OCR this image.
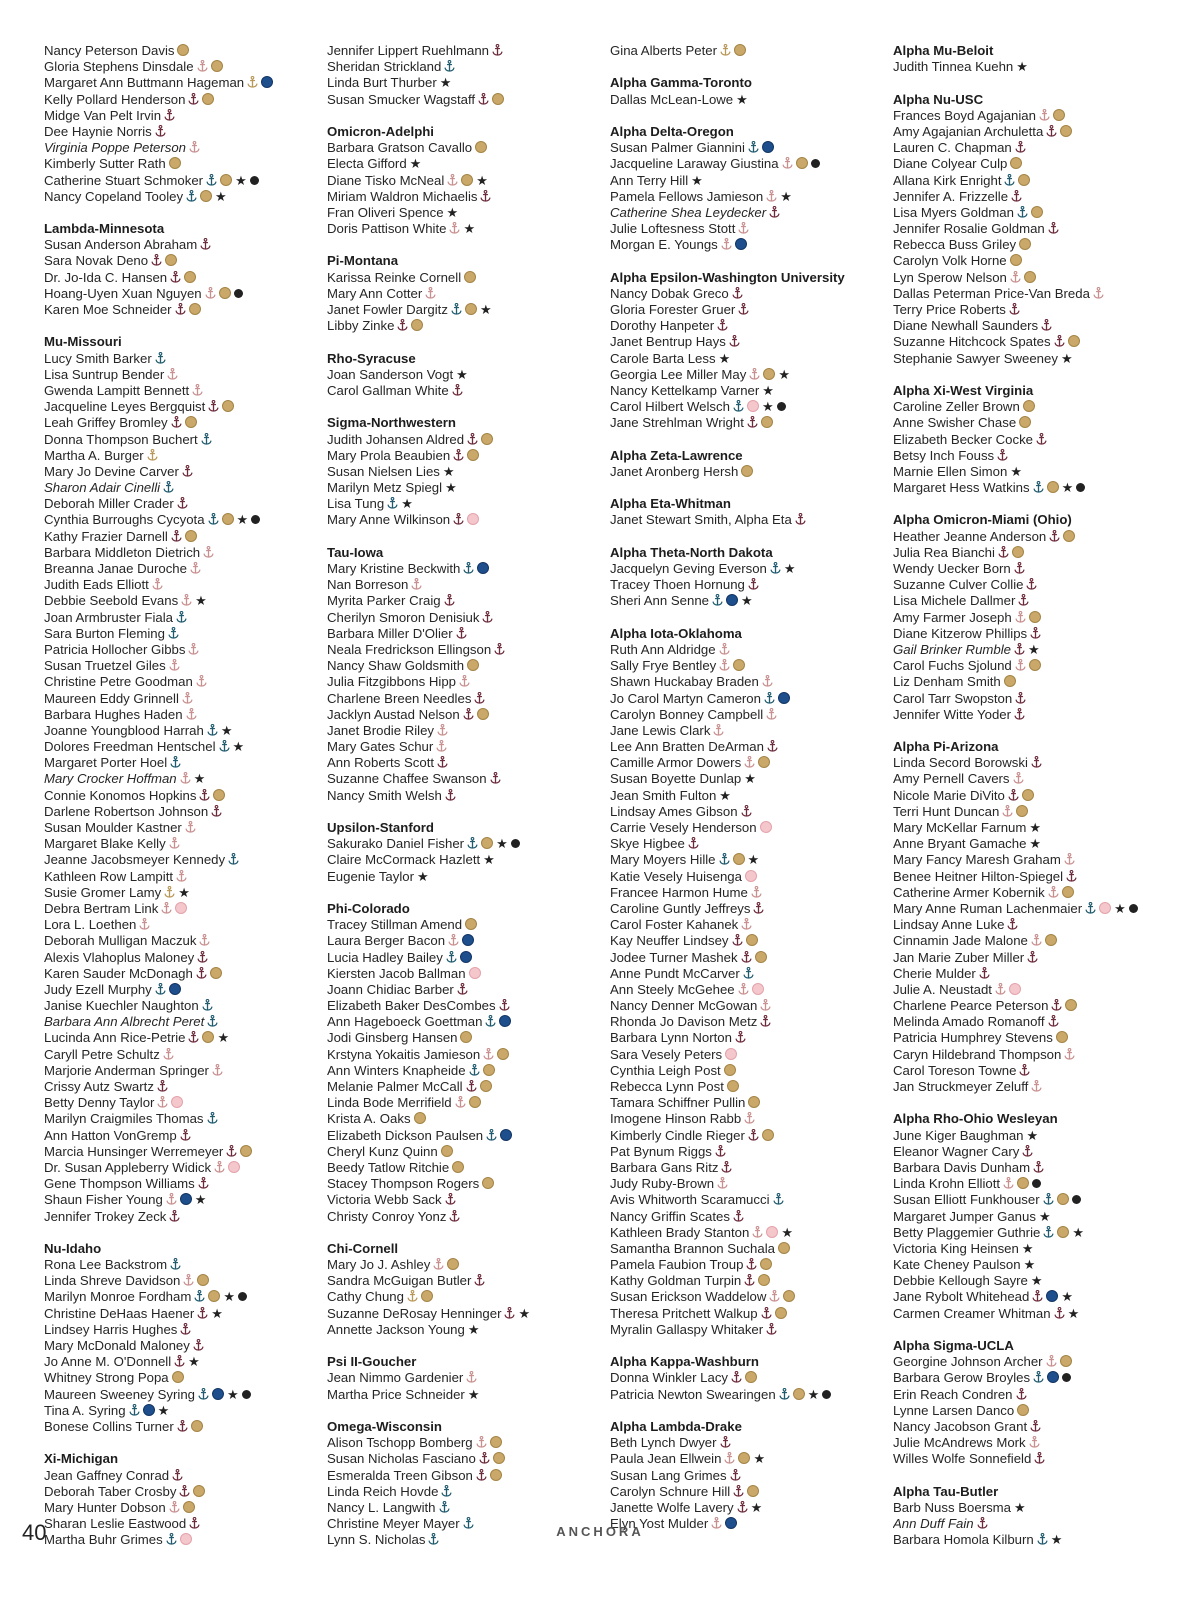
Nancy Peterson Davis
Gloria Stephens Dinsdale
Margaret Ann Buttmann Hageman
Kelly Pollard Henderson
Midge Van Pelt Irvin
Dee Haynie Norris
Virginia Poppe Peterson
Kimberly Sutter Rath
Catherine Stuart Schmoker ★
Nancy Copeland Tooley ★
Lambda-Minnesota
Susan Anderson Abraham
Sara Novak Deno
Dr. Jo-Ida C. Hansen
Hoang-Uyen Xuan Nguyen
Karen Moe Schneider
Mu-Missouri
Lucy Smith Barker
Lisa Suntrup Bender
Gwenda Lampitt Bennett
Jacqueline Leyes Bergquist
Leah Griffey Bromley
Donna Thompson Buchert
Martha A. Burger
Mary Jo Devine Carver
Sharon Adair Cinelli
Deborah Miller Crader
Cynthia Burroughs Cycyota ★
Kathy Frazier Darnell
Barbara Middleton Dietrich
Breanna Janae Duroche
Judith Eads Elliott
Debbie Seebold Evans ★
Joan Armbruster Fiala
Sara Burton Fleming
Patricia Hollocher Gibbs
Susan Truetzel Giles
Christine Petre Goodman
Maureen Eddy Grinnell
Barbara Hughes Haden
Joanne Youngblood Harrah ★
Dolores Freedman Hentschel ★
Margaret Porter Hoel
Mary Crocker Hoffman ★
Connie Konomos Hopkins
Darlene Robertson Johnson
Susan Moulder Kastner
Margaret Blake Kelly
Jeanne Jacobsmeyer Kennedy
Kathleen Row Lampitt
Susie Gromer Lamy ★
Debra Bertram Link
Lora L. Loethen
Deborah Mulligan Maczuk
Alexis Vlahoplus Maloney
Karen Sauder McDonagh
Judy Ezell Murphy
Janise Kuechler Naughton
Barbara Ann Albrecht Peret
Lucinda Ann Rice-Petrie ★
Caryll Petre Schultz
Marjorie Anderman Springer
Crissy Autz Swartz
Betty Denny Taylor
Marilyn Craigmiles Thomas
Ann Hatton VonGremp
Marcia Hunsinger Werremeyer
Dr. Susan Appleberry Widick
Gene Thompson Williams
Shaun Fisher Young ★
Jennifer Trokey Zeck
Nu-Idaho
Rona Lee Backstrom
Linda Shreve Davidson
Marilyn Monroe Fordham ★
Christine DeHaas Haener ★
Lindsey Harris Hughes
Mary McDonald Maloney
Jo Anne M. O'Donnell ★
Whitney Strong Popa
Maureen Sweeney Syring ★
Tina A. Syring ★
Bonese Collins Turner
Xi-Michigan
Jean Gaffney Conrad
Deborah Taber Crosby
Mary Hunter Dobson
Sharan Leslie Eastwood
Martha Buhr Grimes
Jennifer Lippert Ruehlmann
Sheridan Strickland
Linda Burt Thurber ★
Susan Smucker Wagstaff
Omicron-Adelphi
Barbara Gratson Cavallo
Electa Gifford ★
Diane Tisko McNeal ★
Miriam Waldron Michaelis
Fran Oliveri Spence ★
Doris Pattison White ★
Pi-Montana
Karissa Reinke Cornell
Mary Ann Cotter
Janet Fowler Dargitz ★
Libby Zinke
Rho-Syracuse
Joan Sanderson Vogt ★
Carol Gallman White
Sigma-Northwestern
Judith Johansen Aldred
Mary Prola Beaubien
Susan Nielsen Lies ★
Marilyn Metz Spiegl ★
Lisa Tung ★
Mary Anne Wilkinson
Tau-Iowa
Mary Kristine Beckwith
Nan Borreson
Myrita Parker Craig
Cherilyn Smoron Denisiuk
Barbara Miller D'Olier
Neala Fredrickson Ellingson
Nancy Shaw Goldsmith
Julia Fitzgibbons Hipp
Charlene Breen Needles
Jacklyn Austad Nelson
Janet Brodie Riley
Mary Gates Schur
Ann Roberts Scott
Suzanne Chaffee Swanson
Nancy Smith Welsh
Upsilon-Stanford
Sakurako Daniel Fisher ★
Claire McCormack Hazlett ★
Eugenie Taylor ★
Phi-Colorado
Tracey Stillman Amend
Laura Berger Bacon
Lucia Hadley Bailey
Kiersten Jacob Ballman
Joann Chidiac Barber
Elizabeth Baker DesCombes
Ann Hageboeck Goettman
Jodi Ginsberg Hansen
Krstyna Yokaitis Jamieson
Ann Winters Knapheide
Melanie Palmer McCall
Linda Bode Merrifield
Krista A. Oaks
Elizabeth Dickson Paulsen
Cheryl Kunz Quinn
Beedy Tatlow Ritchie
Stacey Thompson Rogers
Victoria Webb Sack
Christy Conroy Yonz
Chi-Cornell
Mary Jo J. Ashley
Sandra McGuigan Butler
Cathy Chung
Suzanne DeRosay Henninger ★
Annette Jackson Young ★
Psi II-Goucher
Jean Nimmo Gardenier
Martha Price Schneider ★
Omega-Wisconsin
Alison Tschopp Bomberg
Susan Nicholas Fasciano
Esmeralda Treen Gibson
Linda Reich Hovde
Nancy L. Langwith
Christine Meyer Mayer
Lynn S. Nicholas
Gina Alberts Peter
Alpha Gamma-Toronto
Dallas McLean-Lowe ★
Alpha Delta-Oregon
Susan Palmer Giannini
Jacqueline Laraway Giustina
Ann Terry Hill ★
Pamela Fellows Jamieson ★
Catherine Shea Leydecker
Julie Loftesness Stott
Morgan E. Youngs
Alpha Epsilon-Washington University
Nancy Dobak Greco
Gloria Forester Gruer
Dorothy Hanpeter
Janet Bentrup Hays
Carole Barta Less ★
Georgia Lee Miller May ★
Nancy Kettelkamp Varner ★
Carol Hilbert Welsch ★
Jane Strehlman Wright
Alpha Zeta-Lawrence
Janet Aronberg Hersh
Alpha Eta-Whitman
Janet Stewart Smith, Alpha Eta
Alpha Theta-North Dakota
Jacquelyn Geving Everson ★
Tracey Thoen Hornung
Sheri Ann Senne ★
Alpha Iota-Oklahoma
Ruth Ann Aldridge
Sally Frye Bentley
Shawn Huckabay Braden
Jo Carol Martyn Cameron
Carolyn Bonney Campbell
Jane Lewis Clark
Lee Ann Bratten DeArman
Camille Armor Dowers
Susan Boyette Dunlap ★
Jean Smith Fulton ★
Lindsay Ames Gibson
Carrie Vesely Henderson
Skye Higbee
Mary Moyers Hille ★
Katie Vesely Huisenga
Francee Harmon Hume
Caroline Guntly Jeffreys
Carol Foster Kahanek
Kay Neuffer Lindsey
Jodee Turner Mashek
Anne Pundt McCarver
Ann Steely McGehee
Nancy Denner McGowan
Rhonda Jo Davison Metz
Barbara Lynn Norton
Sara Vesely Peters
Cynthia Leigh Post
Rebecca Lynn Post
Tamara Schiffner Pullin
Imogene Hinson Rabb
Kimberly Cindle Rieger
Pat Bynum Riggs
Barbara Gans Ritz
Judy Ruby-Brown
Avis Whitworth Scaramucci
Nancy Griffin Scates
Kathleen Brady Stanton ★
Samantha Brannon Suchala
Pamela Faubion Troup
Kathy Goldman Turpin
Susan Erickson Waddelow
Theresa Pritchett Walkup
Myralin Gallaspy Whitaker
Alpha Kappa-Washburn
Donna Winkler Lacy
Patricia Newton Swearingen ★
Alpha Lambda-Drake
Beth Lynch Dwyer
Paula Jean Ellwein ★
Susan Lang Grimes
Carolyn Schnure Hill
Janette Wolfe Lavery ★
Elyn Yost Mulder
Alpha Mu-Beloit
Judith Tinnea Kuehn ★
Alpha Nu-USC
Frances Boyd Agajanian
Amy Agajanian Archuletta
Lauren C. Chapman
Diane Colyear Culp
Allana Kirk Enright
Jennifer A. Frizzelle
Lisa Myers Goldman
Jennifer Rosalie Goldman
Rebecca Buss Griley
Carolyn Volk Horne
Lyn Sperow Nelson
Dallas Peterman Price-Van Breda
Terry Price Roberts
Diane Newhall Saunders
Suzanne Hitchcock Spates
Stephanie Sawyer Sweeney ★
Alpha Xi-West Virginia
Caroline Zeller Brown
Anne Swisher Chase
Elizabeth Becker Cocke
Betsy Inch Fouss
Marnie Ellen Simon ★
Margaret Hess Watkins ★
Alpha Omicron-Miami (Ohio)
Heather Jeanne Anderson
Julia Rea Bianchi
Wendy Uecker Born
Suzanne Culver Collie
Lisa Michele Dallmer
Amy Farmer Joseph
Diane Kitzerow Phillips
Gail Brinker Rumble ★
Carol Fuchs Sjolund
Liz Denham Smith
Carol Tarr Swopston
Jennifer Witte Yoder
Alpha Pi-Arizona
Linda Secord Borowski
Amy Pernell Cavers
Nicole Marie DiVito
Terri Hunt Duncan
Mary McKellar Farnum ★
Anne Bryant Gamache ★
Mary Fancy Maresh Graham
Benee Heitner Hilton-Spiegel
Catherine Armer Kobernik
Mary Anne Ruman Lachenmaier ★
Lindsay Anne Luke
Cinnamin Jade Malone
Jan Marie Zuber Miller
Cherie Mulder
Julie A. Neustadt
Charlene Pearce Peterson
Melinda Amado Romanoff
Patricia Humphrey Stevens
Caryn Hildebrand Thompson
Carol Toreson Towne
Jan Struckmeyer Zeluff
Alpha Rho-Ohio Wesleyan
June Kiger Baughman ★
Eleanor Wagner Cary
Barbara Davis Dunham
Linda Krohn Elliott
Susan Elliott Funkhouser
Margaret Jumper Ganus ★
Betty Plaggemier Guthrie ★
Victoria King Heinsen ★
Kate Cheney Paulson ★
Debbie Kellough Sayre ★
Jane Rybolt Whitehead ★
Carmen Creamer Whitman ★
Alpha Sigma-UCLA
Georgine Johnson Archer
Barbara Gerow Broyles
Erin Reach Condren
Lynne Larsen Danco
Nancy Jacobson Grant
Julie McAndrews Mork
Willes Wolfe Sonnefield
Alpha Tau-Butler
Barb Nuss Boersma ★
Ann Duff Fain
Barbara Homola Kilburn ★
40	ANCHORA
